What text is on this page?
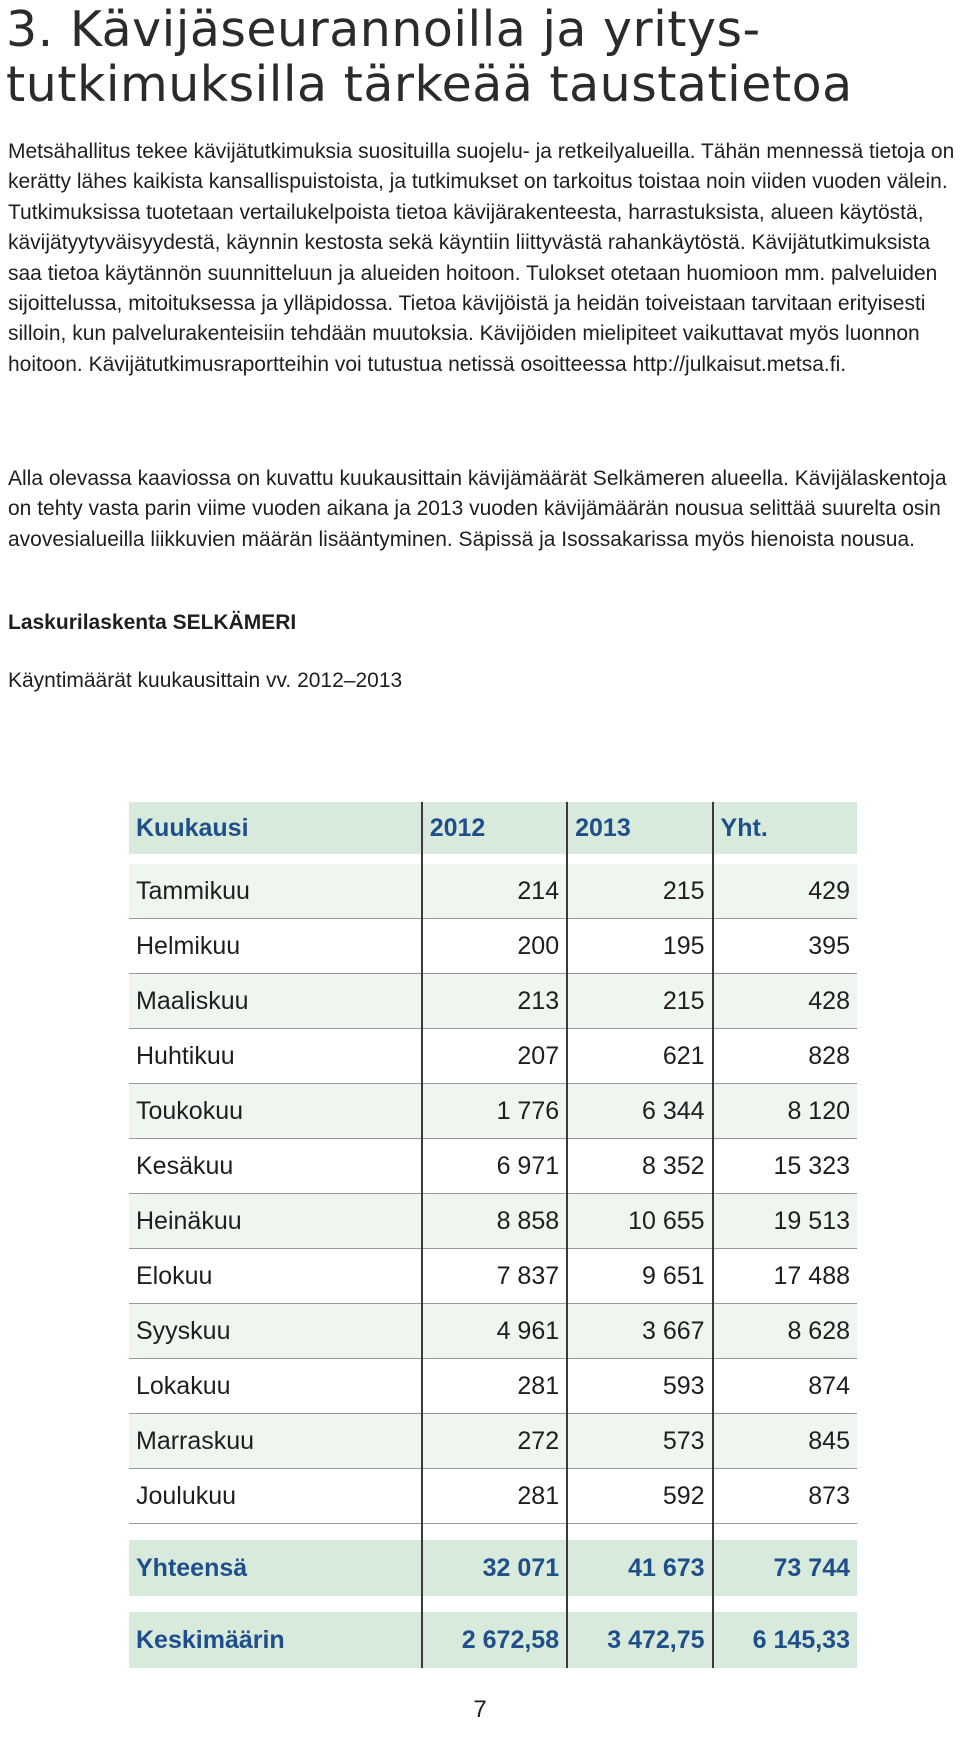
3. Kävijäseurannoilla ja yritys-
tutkimuksilla tärkeää taustatietoa

Metsähallitus tekee kävijätutkimuksia suosituilla suojelu- ja retkeilyalueilla. Tähän mennessä tietoja on kerätty lähes kaikista kansallispuistoista, ja tutkimukset on tarkoitus toistaa noin viiden vuoden välein. Tutkimuksissa tuotetaan vertailukelpoista tietoa kävijärakenteesta, harrastuksista, alueen käytöstä, kävijätyytyväisyydestä, käynnin kestosta sekä käyntiin liittyvästä rahankäytöstä. Kävijätutkimuksista saa tietoa käytännön suunnitteluun ja alueiden hoitoon. Tulokset otetaan huomioon mm. palveluiden sijoittelussa, mitoituksessa ja ylläpidossa. Tietoa kävijöistä ja heidän toiveistaan tarvitaan erityisesti silloin, kun palvelurakenteisiin tehdään muutoksia. Kävijöiden mielipiteet vaikuttavat myös luonnon hoitoon. Kävijätutkimusraportteihin voi tutustua netissä osoitteessa http://julkaisut.metsa.fi.

Alla olevassa kaaviossa on kuvattu kuukausittain kävijämäärät Selkämeren alueella. Kävijälaskentoja on tehty vasta parin viime vuoden aikana ja 2013 vuoden kävijämäärän nousua selittää suurelta osin avovesialueilla liikkuvien määrän lisääntyminen. Säpissä ja Isossakarissa myös hienoista nousua.

Laskurilaskenta SELKÄMERI

Käyntimäärät kuukausittain vv. 2012–2013

Kuukausi	2012	2013	Yht.

Tammikuu	214	215	429
Helmikuu	200	195	395
Maaliskuu	213	215	428
Huhtikuu	207	621	828
Toukokuu	1 776	6 344	8 120
Kesäkuu	6 971	8 352	15 323
Heinäkuu	8 858	10 655	19 513
Elokuu	7 837	9 651	17 488
Syyskuu	4 961	3 667	8 628
Lokakuu	281	593	874
Marraskuu	272	573	845
Joulukuu	281	592	873

Yhteensä	32 071	41 673	73 744

Keskimäärin	2 672,58	3 472,75	6 145,33

7
